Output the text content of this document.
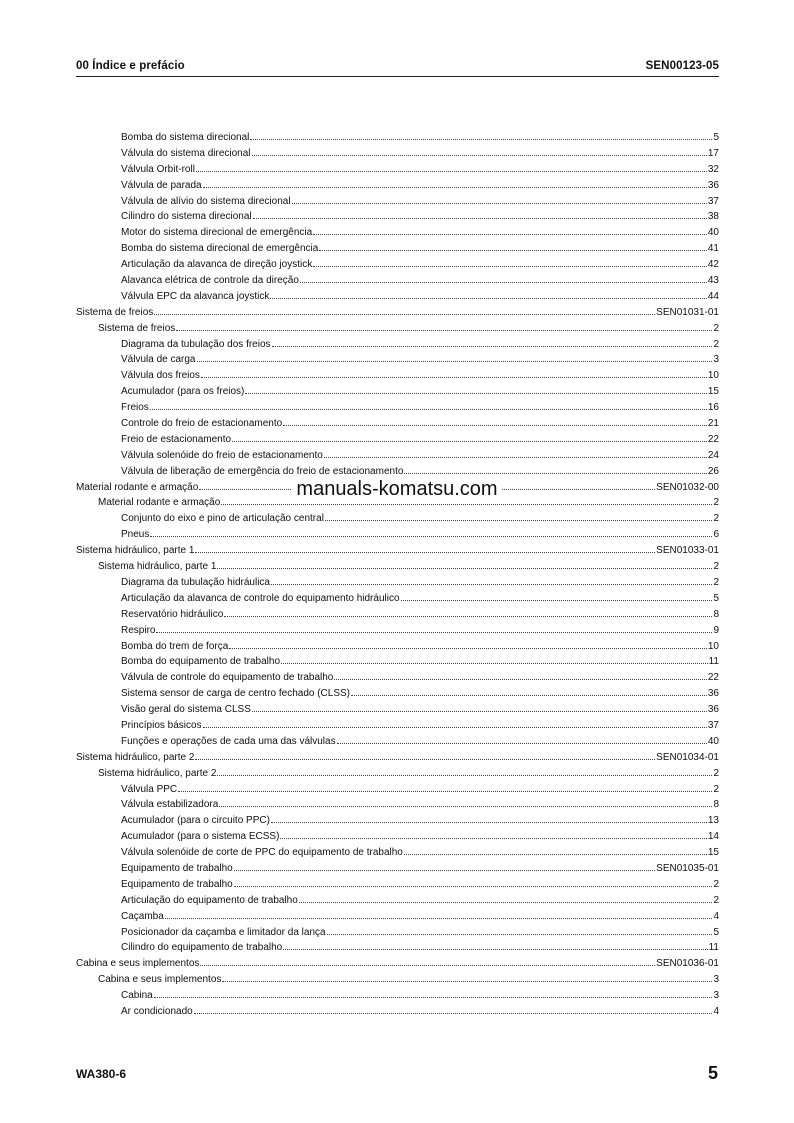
00 Índice e prefácio	SEN00123-05
Bomba do sistema direcional	5
Válvula do sistema direcional	17
Válvula Orbit-roll	32
Válvula de parada	36
Válvula de alívio do sistema direcional	37
Cilindro do sistema direcional	38
Motor do sistema direcional de emergência	40
Bomba do sistema direcional de emergência	41
Articulação da alavanca de direção joystick	42
Alavanca elétrica de controle da direção	43
Válvula EPC da alavanca joystick	44
Sistema de freios	SEN01031-01
Sistema de freios	2
Diagrama da tubulação dos freios	2
Válvula de carga	3
Válvula dos freios	10
Acumulador (para os freios)	15
Freios	16
Controle do freio de estacionamento	21
Freio de estacionamento	22
Válvula solenóide do freio de estacionamento	24
Válvula de liberação de emergência do freio de estacionamento	26
Material rodante e armação	SEN01032-00
Material rodante e armação	2
Conjunto do eixo e pino de articulação central	2
Pneus	6
Sistema hidráulico, parte 1	SEN01033-01
Sistema hidráulico, parte 1	2
Diagrama da tubulação hidráulica	2
Articulação da alavanca de controle do equipamento hidráulico	5
Reservatório hidráulico	8
Respiro	9
Bomba do trem de força	10
Bomba do equipamento de trabalho	11
Válvula de controle do equipamento de trabalho	22
Sistema sensor de carga de centro fechado (CLSS)	36
Visão geral do sistema CLSS	36
Princípios básicos	37
Funções e operações de cada uma das válvulas	40
Sistema hidráulico, parte 2	SEN01034-01
Sistema hidráulico, parte 2	2
Válvula PPC	2
Válvula estabilizadora	8
Acumulador (para o circuito PPC)	13
Acumulador (para o sistema ECSS)	14
Válvula solenóide de corte de PPC do equipamento de trabalho	15
Equipamento de trabalho	SEN01035-01
Equipamento de trabalho	2
Articulação do equipamento de trabalho	2
Caçamba	4
Posicionador da caçamba e limitador da lança	5
Cilindro do equipamento de trabalho	11
Cabina e seus implementos	SEN01036-01
Cabina e seus implementos	3
Cabina	3
Ar condicionado	4
manuals-komatsu.com
WA380-6	5
